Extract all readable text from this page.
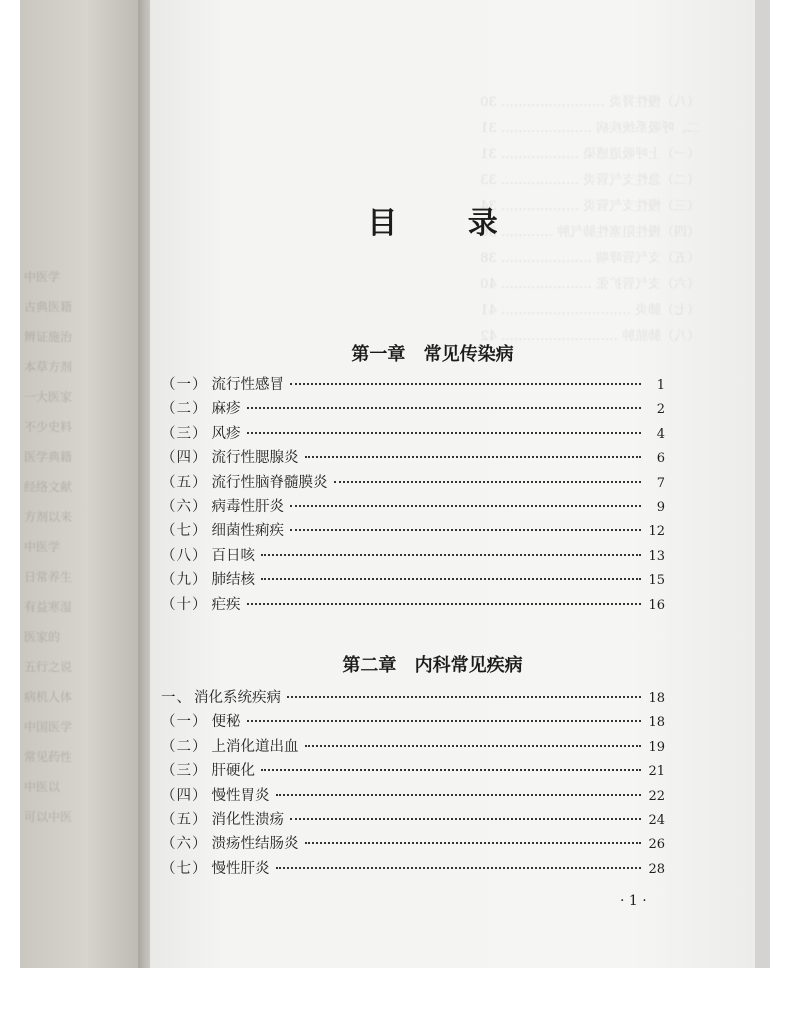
中医学
古典医籍
辨证施治
本草方剂
一大医家
不少史料
医学典籍
经络文献
方剂以来
中医学
日常养生
有益寒湿
医家的
五行之说
病机人体
中国医学
常见药性
中医以
可以中医
目 录
第一章 常见传染病
（一） 流行性感冒	1
（二） 麻疹	2
（三） 风疹	4
（四） 流行性腮腺炎	6
（五） 流行性脑脊髓膜炎	7
（六） 病毒性肝炎	9
（七） 细菌性痢疾	12
（八） 百日咳	13
（九） 肺结核	15
（十） 疟疾	16
第二章 内科常见疾病
一、 消化系统疾病	18
（一） 便秘	18
（二） 上消化道出血	19
（三） 肝硬化	21
（四） 慢性胃炎	22
（五） 消化性溃疡	24
（六） 溃疡性结肠炎	26
（七） 慢性肝炎	28
· 1 ·
